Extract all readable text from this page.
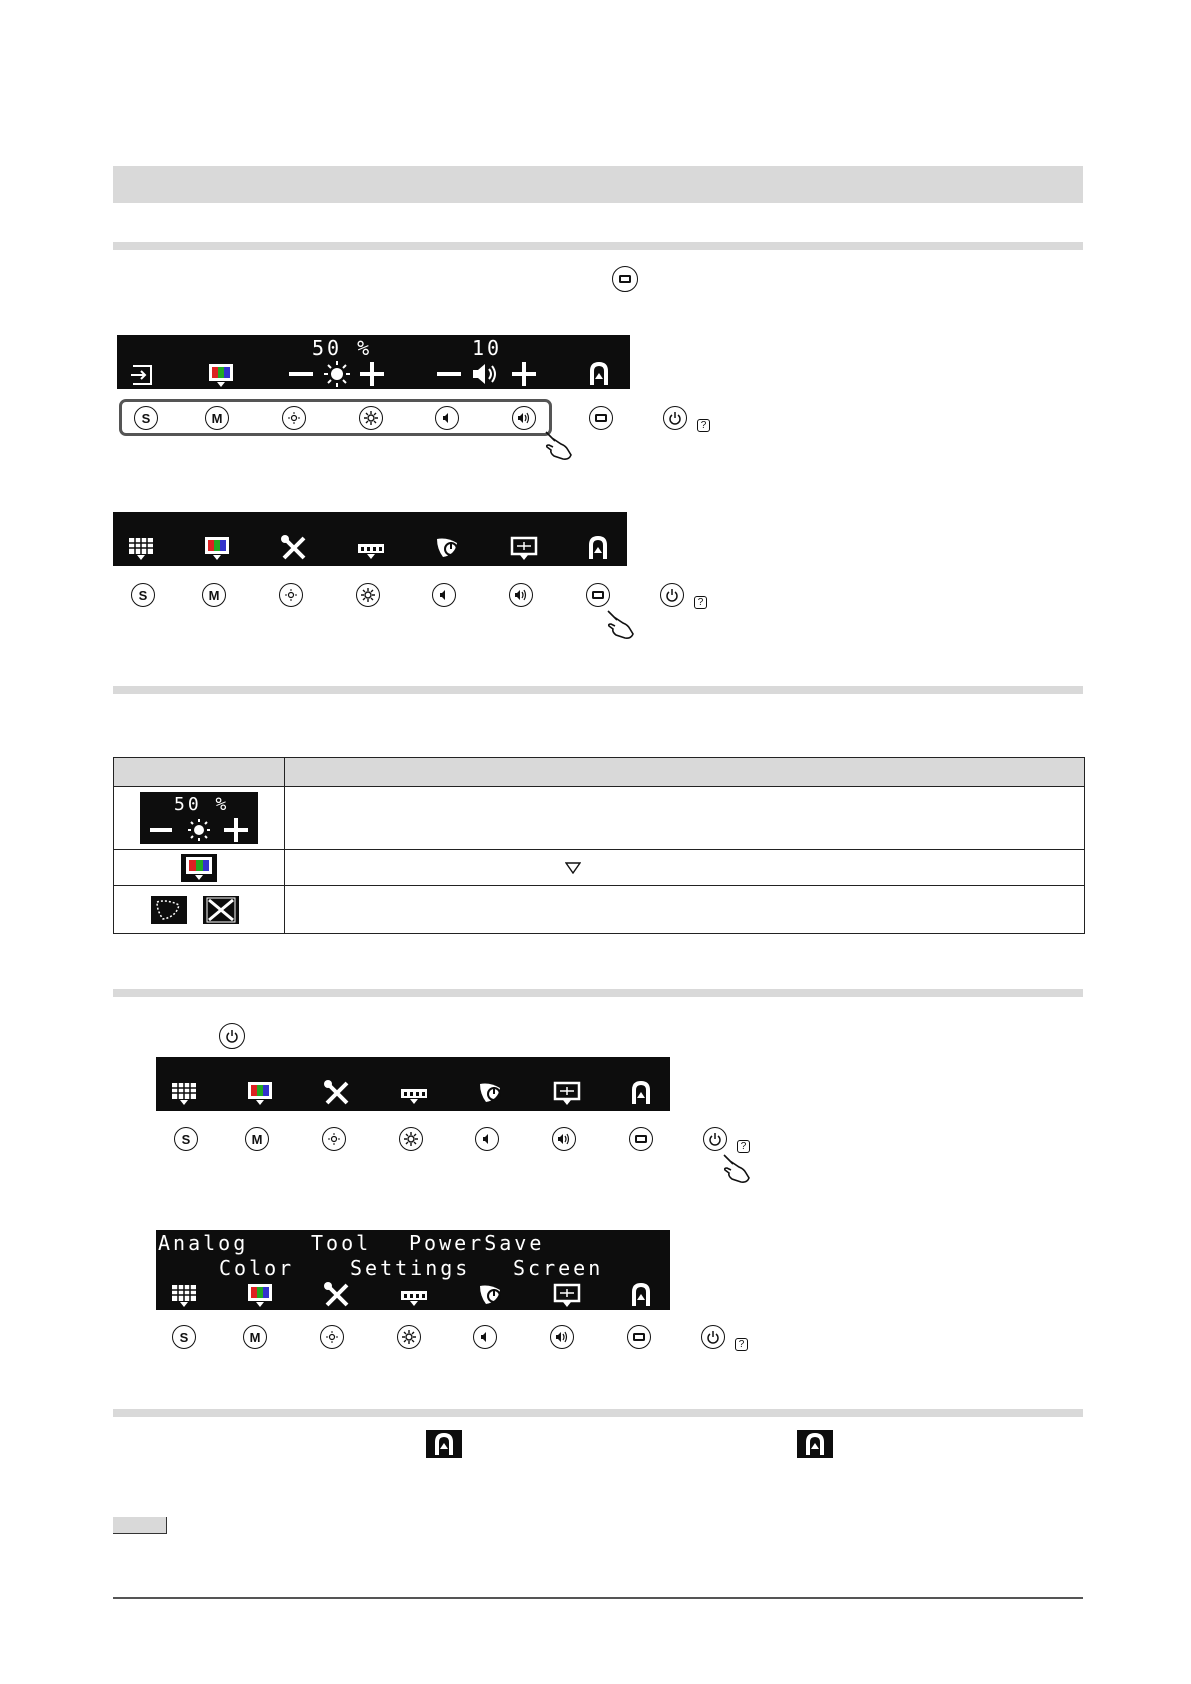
50 %	10
S	M	?
S	M	?

50 %	

S	M	?
Analog	Tool PowerSave
Color	Settings Screen
S	M	?
